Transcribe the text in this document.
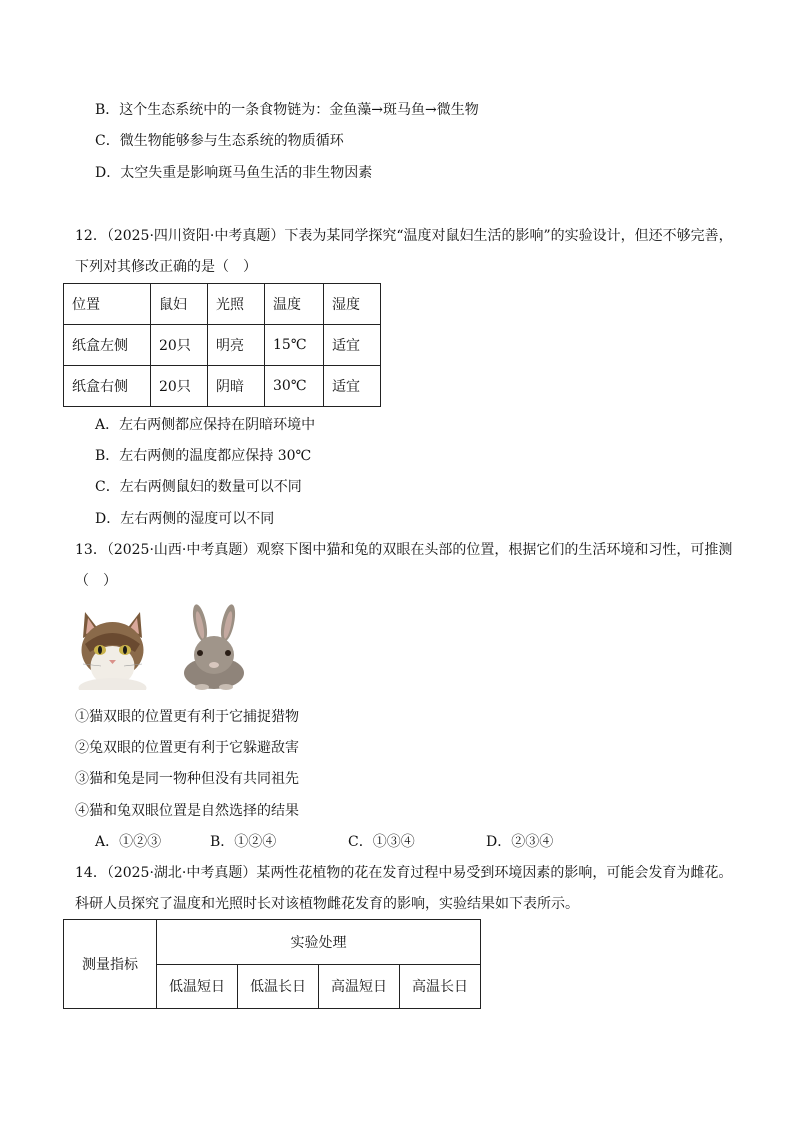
B．这个生态系统中的一条食物链为：金鱼藻→斑马鱼→微生物
C．微生物能够参与生态系统的物质循环
D．太空失重是影响斑马鱼生活的非生物因素
12．（2025·四川资阳·中考真题）下表为某同学探究“温度对鼠妇生活的影响”的实验设计，但还不够完善，
下列对其修改正确的是（　）
位置	鼠妇	光照	温度	湿度
纸盒左侧	20只	明亮	15℃	适宜
纸盒右侧	20只	阴暗	30℃	适宜
A．左右两侧都应保持在阴暗环境中
B．左右两侧的温度都应保持 30℃
C．左右两侧鼠妇的数量可以不同
D．左右两侧的湿度可以不同
13．（2025·山西·中考真题）观察下图中猫和兔的双眼在头部的位置，根据它们的生活环境和习性，可推测
（　）
①猫双眼的位置更有利于它捕捉猎物
②兔双眼的位置更有利于它躲避敌害
③猫和兔是同一物种但没有共同祖先
④猫和兔双眼位置是自然选择的结果
A．①②③	B．①②④	C．①③④	D．②③④
14．（2025·湖北·中考真题）某两性花植物的花在发育过程中易受到环境因素的影响，可能会发育为雌花。
科研人员探究了温度和光照时长对该植物雌花发育的影响，实验结果如下表所示。
测量指标	实验处理			
	低温短日	低温长日	高温短日	高温长日
